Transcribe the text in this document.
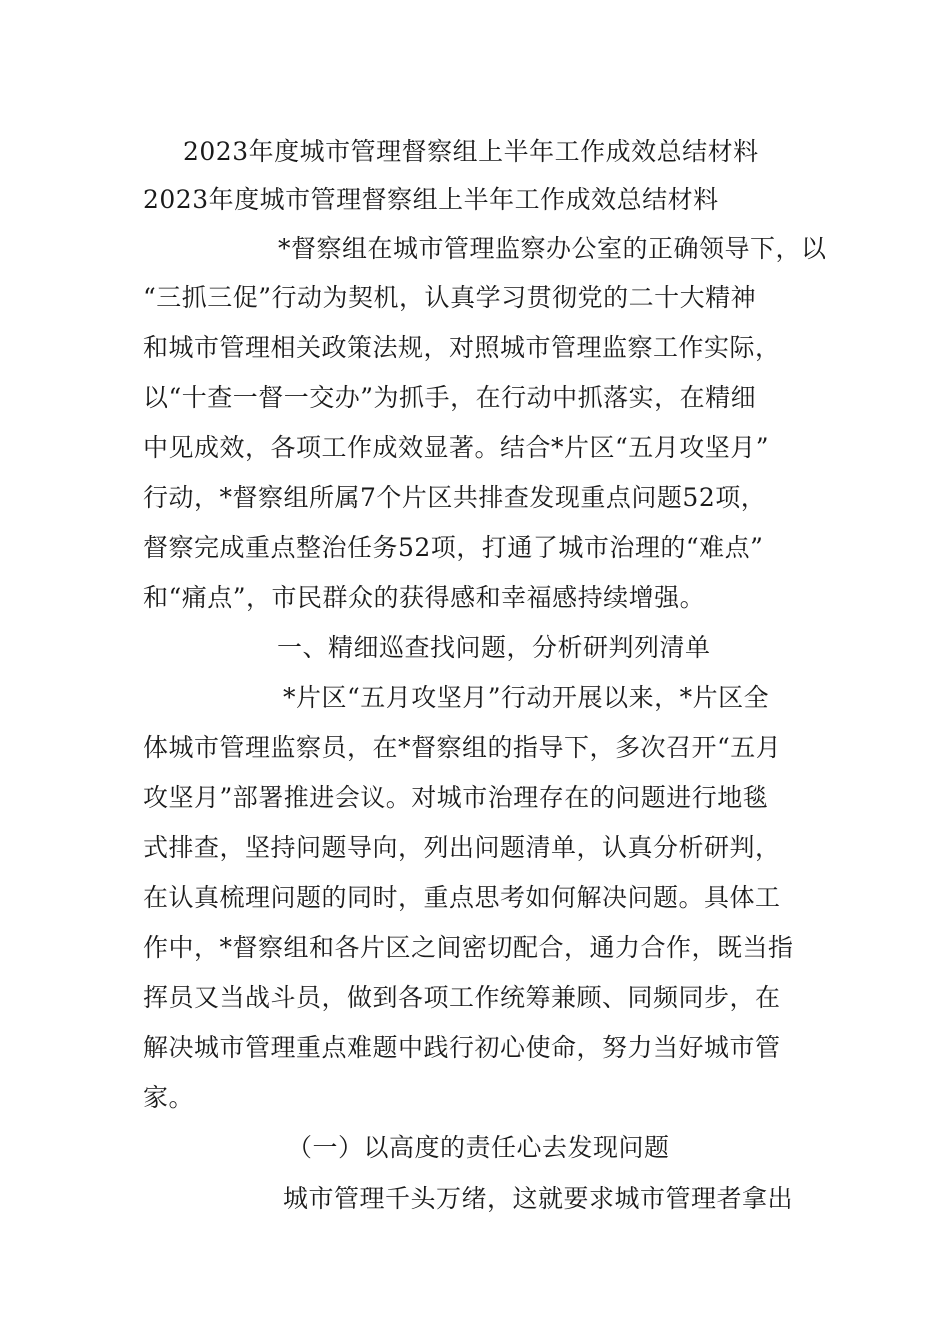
2023年度城市管理督察组上半年工作成效总结材料
2023年度城市管理督察组上半年工作成效总结材料
*督察组在城市管理监察办公室的正确领导下，以
“三抓三促”行动为契机，认真学习贯彻党的二十大精神
和城市管理相关政策法规，对照城市管理监察工作实际，
以“十查一督一交办”为抓手，在行动中抓落实，在精细
中见成效，各项工作成效显著。结合*片区“五月攻坚月”
行动，*督察组所属7个片区共排查发现重点问题52项，
督察完成重点整治任务52项，打通了城市治理的“难点”
和“痛点”，市民群众的获得感和幸福感持续增强。
一、精细巡查找问题，分析研判列清单
*片区“五月攻坚月”行动开展以来，*片区全
体城市管理监察员，在*督察组的指导下，多次召开“五月
攻坚月”部署推进会议。对城市治理存在的问题进行地毯
式排查，坚持问题导向，列出问题清单，认真分析研判，
在认真梳理问题的同时，重点思考如何解决问题。具体工
作中，*督察组和各片区之间密切配合，通力合作，既当指
挥员又当战斗员，做到各项工作统筹兼顾、同频同步，在
解决城市管理重点难题中践行初心使命，努力当好城市管
家。
（一）以高度的责任心去发现问题
城市管理千头万绪，这就要求城市管理者拿出
